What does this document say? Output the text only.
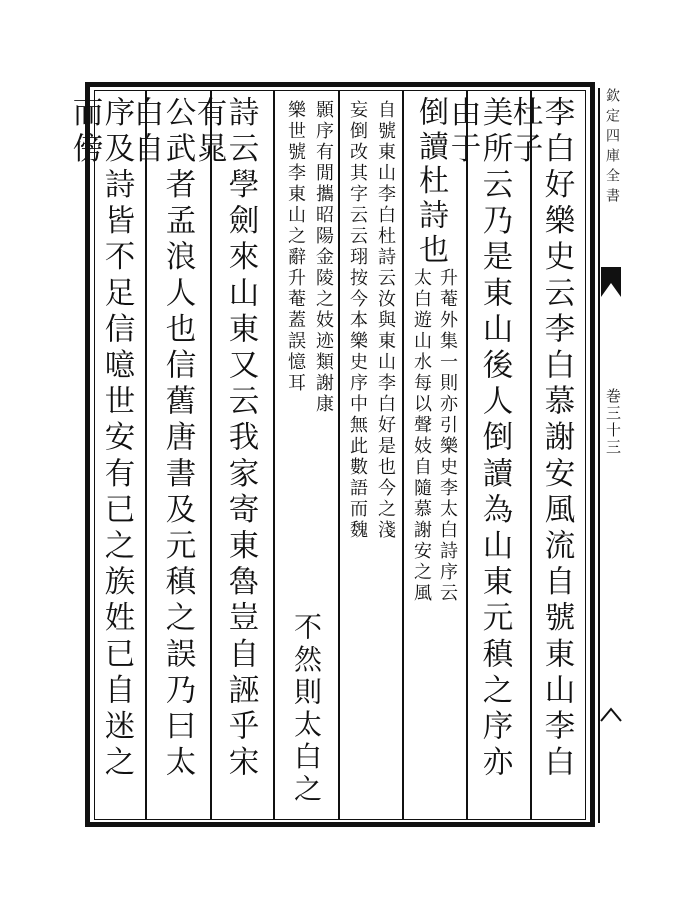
欽定四庫全書
巻三十三
李白好樂史云李白慕謝安風流自號東山李白杜子
美所云乃是東山後人倒讀為山東元稹之序亦由于
倒讀杜詩也
升菴外集一則亦引樂史李太白詩序云
太白遊山水每以聲妓自隨慕謝安之風
自號東山李白杜詩云汝與東山李白好是也今之淺
妄倒改其字云云珝按今本樂史序中無此數語而魏
顥序有閒攜昭陽金陵之妓迹類謝康
不然則太白之
樂世號李東山之辭升菴蓋誤憶耳
詩云學劍來山東又云我家寄東魯豈自誣乎宋有晁
公武者孟浪人也信舊唐書及元稹之誤乃曰太白自
序及詩皆不足信噫世安有已之族姓已自迷之而傍
